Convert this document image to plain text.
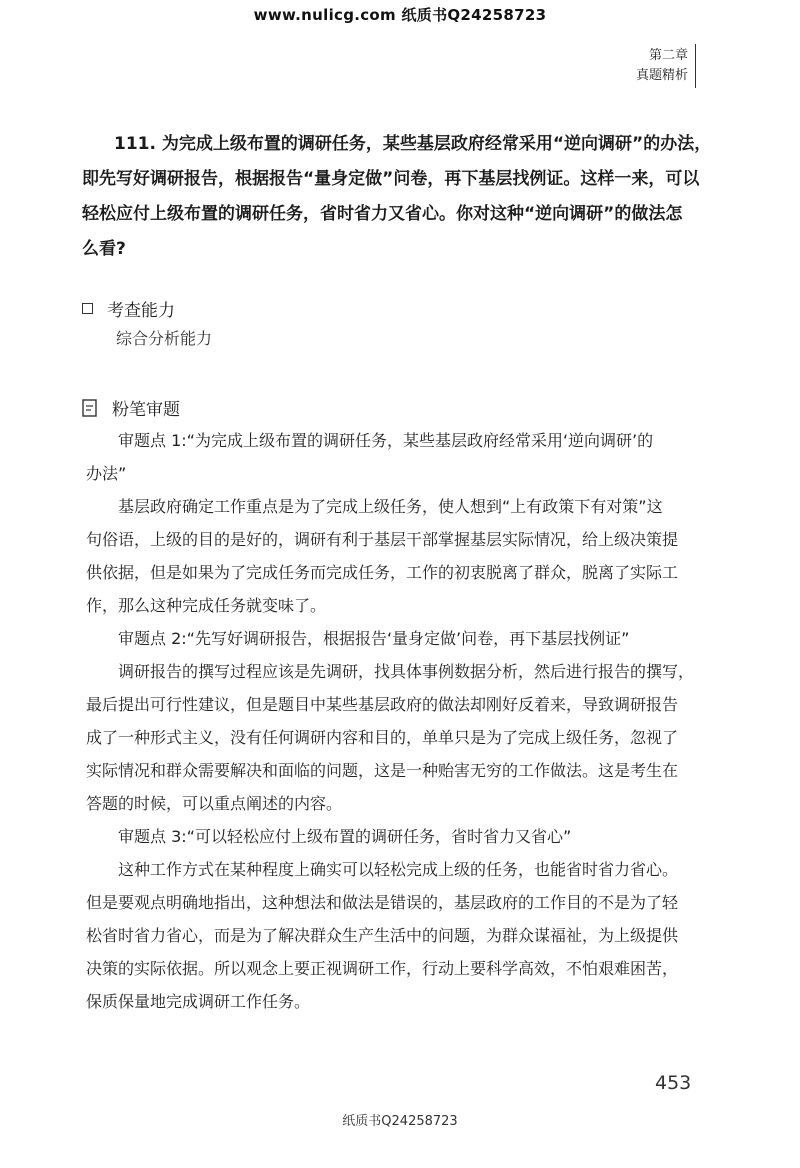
www.nulicg.com 纸质书Q24258723
第二章
真题精析
111. 为完成上级布置的调研任务，某些基层政府经常采用“逆向调研”的办法，
即先写好调研报告，根据报告“量身定做”问卷，再下基层找例证。这样一来，可以
轻松应付上级布置的调研任务，省时省力又省心。你对这种“逆向调研”的做法怎
么看?
考查能力
综合分析能力
粉笔审题
审题点 1:“为完成上级布置的调研任务，某些基层政府经常采用‘逆向调研’的
办法”
基层政府确定工作重点是为了完成上级任务，使人想到“上有政策下有对策”这
句俗语，上级的目的是好的，调研有利于基层干部掌握基层实际情况，给上级决策提
供依据，但是如果为了完成任务而完成任务，工作的初衷脱离了群众，脱离了实际工
作，那么这种完成任务就变味了。
审题点 2:“先写好调研报告，根据报告‘量身定做’问卷，再下基层找例证”
调研报告的撰写过程应该是先调研，找具体事例数据分析，然后进行报告的撰写，
最后提出可行性建议，但是题目中某些基层政府的做法却刚好反着来，导致调研报告
成了一种形式主义，没有任何调研内容和目的，单单只是为了完成上级任务，忽视了
实际情况和群众需要解决和面临的问题，这是一种贻害无穷的工作做法。这是考生在
答题的时候，可以重点阐述的内容。
审题点 3:“可以轻松应付上级布置的调研任务，省时省力又省心”
这种工作方式在某种程度上确实可以轻松完成上级的任务，也能省时省力省心。
但是要观点明确地指出，这种想法和做法是错误的，基层政府的工作目的不是为了轻
松省时省力省心，而是为了解决群众生产生活中的问题，为群众谋福祉，为上级提供
决策的实际依据。所以观念上要正视调研工作，行动上要科学高效，不怕艰难困苦，
保质保量地完成调研工作任务。
453
纸质书Q24258723
